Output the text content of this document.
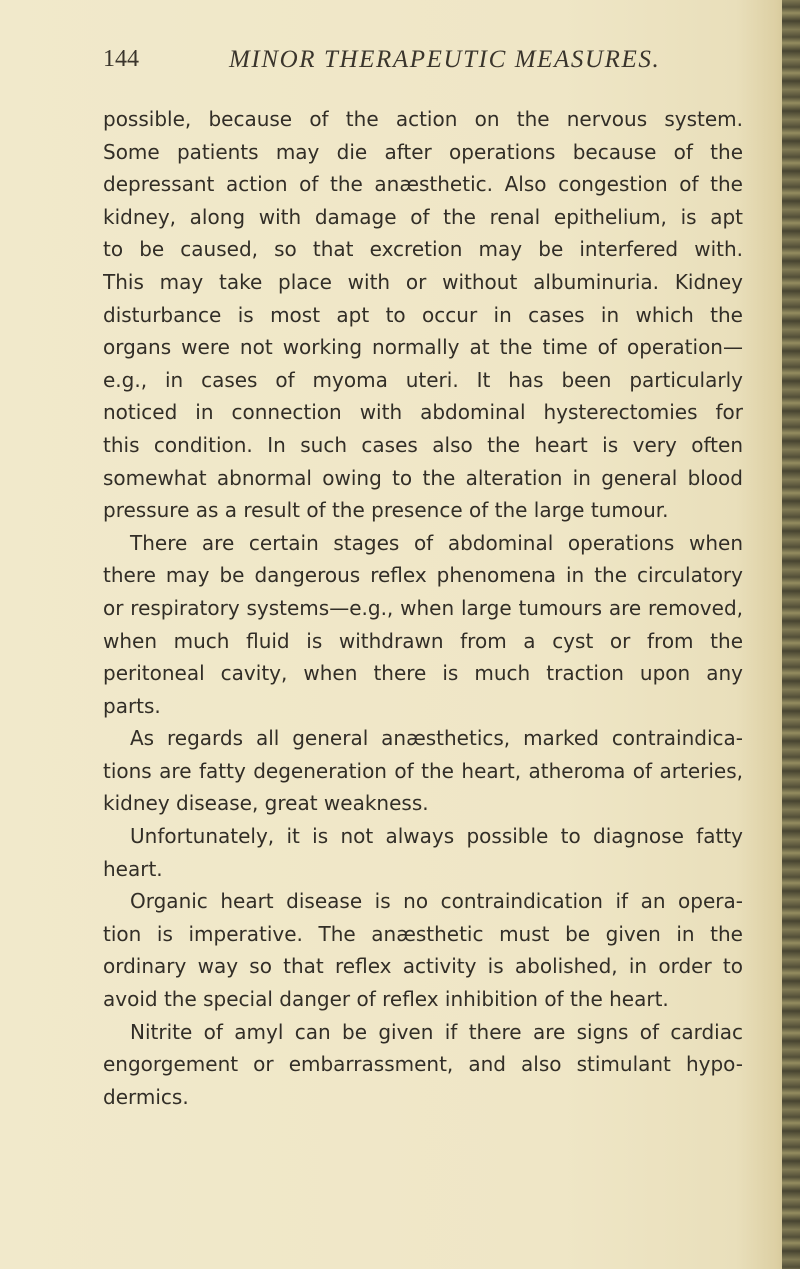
144	MINOR THERAPEUTIC MEASURES.
possible, because of the action on the nervous system.
Some patients may die after operations because of the
depressant action of the anæsthetic. Also congestion of the
kidney, along with damage of the renal epithelium, is apt
to be caused, so that excretion may be interfered with.
This may take place with or without albuminuria. Kidney
disturbance is most apt to occur in cases in which the
organs were not working normally at the time of operation—
e.g., in cases of myoma uteri. It has been particularly
noticed in connection with abdominal hysterectomies for
this condition. In such cases also the heart is very often
somewhat abnormal owing to the alteration in general blood
pressure as a result of the presence of the large tumour.
There are certain stages of abdominal operations when
there may be dangerous reflex phenomena in the circulatory
or respiratory systems—e.g., when large tumours are removed,
when much fluid is withdrawn from a cyst or from the
peritoneal cavity, when there is much traction upon any
parts.
As regards all general anæsthetics, marked contraindica-
tions are fatty degeneration of the heart, atheroma of arteries,
kidney disease, great weakness.
Unfortunately, it is not always possible to diagnose fatty
heart.
Organic heart disease is no contraindication if an opera-
tion is imperative. The anæsthetic must be given in the
ordinary way so that reflex activity is abolished, in order to
avoid the special danger of reflex inhibition of the heart.
Nitrite of amyl can be given if there are signs of cardiac
engorgement or embarrassment, and also stimulant hypo-
dermics.
